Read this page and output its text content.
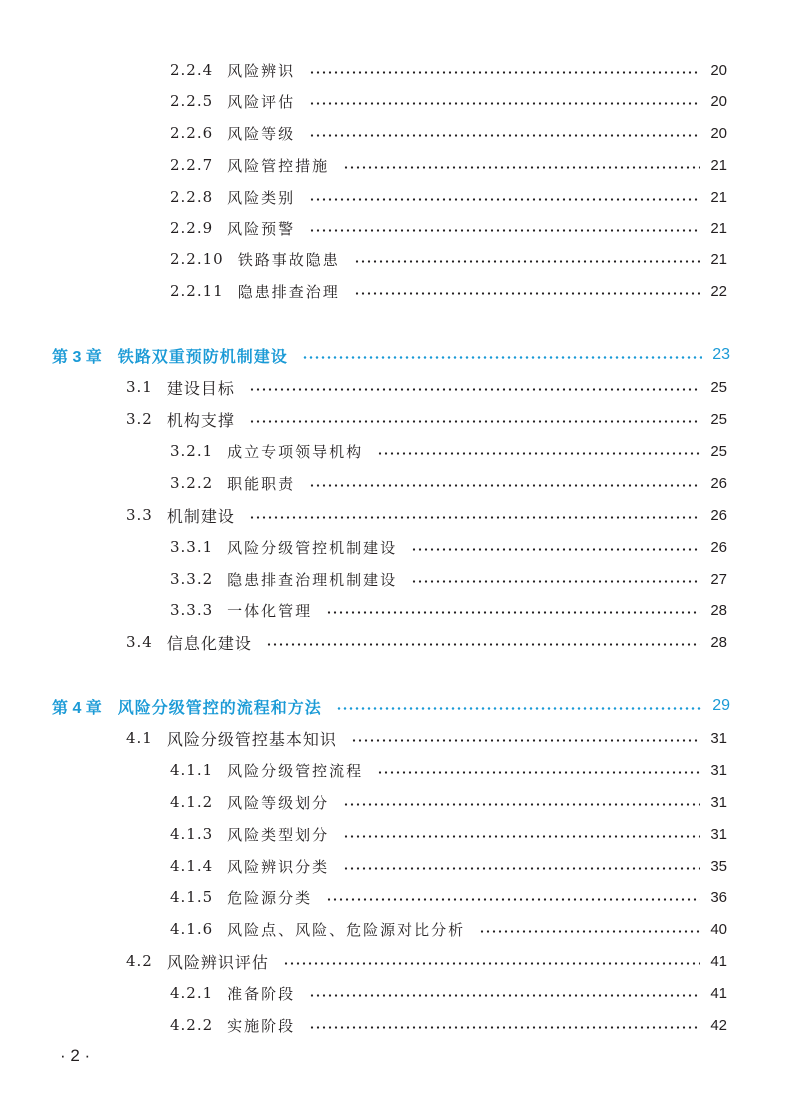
2.2.4 风险辨识	20
2.2.5 风险评估	20
2.2.6 风险等级	20
2.2.7 风险管控措施	21
2.2.8 风险类别	21
2.2.9 风险预警	21
2.2.10 铁路事故隐患	21
2.2.11 隐患排查治理	22
第 3 章 铁路双重预防机制建设	23
3.1 建设目标	25
3.2 机构支撑	25
3.2.1 成立专项领导机构	25
3.2.2 职能职责	26
3.3 机制建设	26
3.3.1 风险分级管控机制建设	26
3.3.2 隐患排查治理机制建设	27
3.3.3 一体化管理	28
3.4 信息化建设	28
第 4 章 风险分级管控的流程和方法	29
4.1 风险分级管控基本知识	31
4.1.1 风险分级管控流程	31
4.1.2 风险等级划分	31
4.1.3 风险类型划分	31
4.1.4 风险辨识分类	35
4.1.5 危险源分类	36
4.1.6 风险点、风险、危险源对比分析	40
4.2 风险辨识评估	41
4.2.1 准备阶段	41
4.2.2 实施阶段	42
· 2 ·
